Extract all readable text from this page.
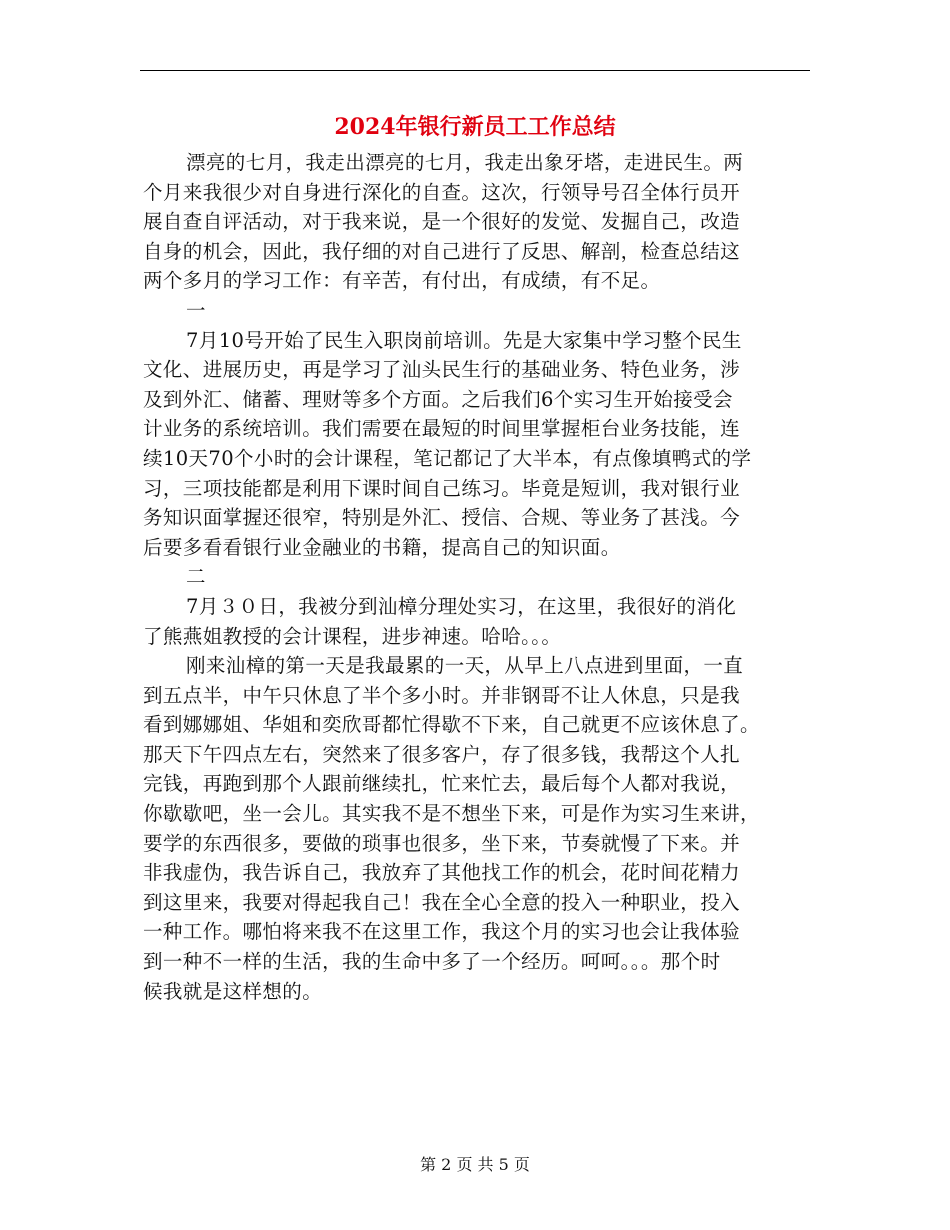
2024年银行新员工工作总结
漂亮的七月，我走出漂亮的七月，我走出象牙塔，走进民生。两
个月来我很少对自身进行深化的自查。这次，行领导号召全体行员开
展自查自评活动，对于我来说，是一个很好的发觉、发掘自己，改造
自身的机会，因此，我仔细的对自己进行了反思、解剖，检查总结这
两个多月的学习工作：有辛苦，有付出，有成绩，有不足。
一
7月10号开始了民生入职岗前培训。先是大家集中学习整个民生
文化、进展历史，再是学习了汕头民生行的基础业务、特色业务，涉
及到外汇、储蓄、理财等多个方面。之后我们6个实习生开始接受会
计业务的系统培训。我们需要在最短的时间里掌握柜台业务技能，连
续10天70个小时的会计课程，笔记都记了大半本，有点像填鸭式的学
习，三项技能都是利用下课时间自己练习。毕竟是短训，我对银行业
务知识面掌握还很窄，特别是外汇、授信、合规、等业务了甚浅。今
后要多看看银行业金融业的书籍，提高自己的知识面。
二
7月３０日，我被分到汕樟分理处实习，在这里，我很好的消化
了熊燕姐教授的会计课程，进步神速。哈哈。。。
刚来汕樟的第一天是我最累的一天，从早上八点进到里面，一直
到五点半，中午只休息了半个多小时。并非钢哥不让人休息，只是我
看到娜娜姐、华姐和奕欣哥都忙得歇不下来，自己就更不应该休息了。
那天下午四点左右，突然来了很多客户，存了很多钱，我帮这个人扎
完钱，再跑到那个人跟前继续扎，忙来忙去，最后每个人都对我说，
你歇歇吧，坐一会儿。其实我不是不想坐下来，可是作为实习生来讲，
要学的东西很多，要做的琐事也很多，坐下来，节奏就慢了下来。并
非我虚伪，我告诉自己，我放弃了其他找工作的机会，花时间花精力
到这里来，我要对得起我自己！我在全心全意的投入一种职业，投入
一种工作。哪怕将来我不在这里工作，我这个月的实习也会让我体验
到一种不一样的生活，我的生命中多了一个经历。呵呵。。。那个时
候我就是这样想的。
第 2 页 共 5 页
